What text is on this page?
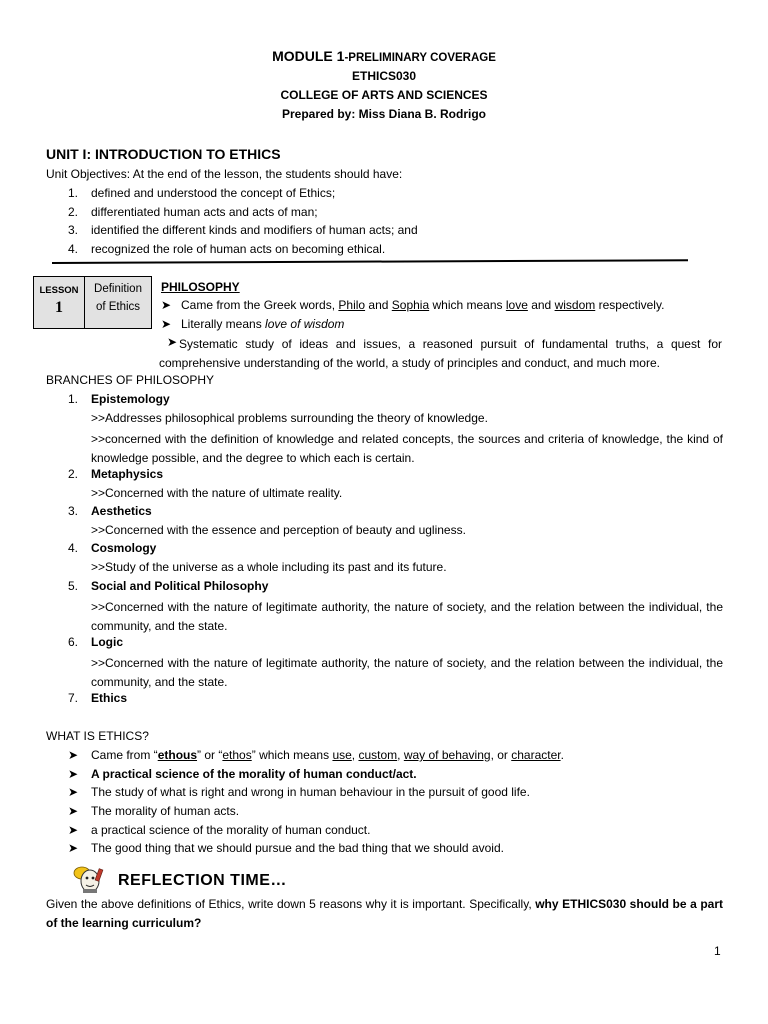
MODULE 1-PRELIMINARY COVERAGE
ETHICS030
COLLEGE OF ARTS AND SCIENCES
Prepared by: Miss Diana B. Rodrigo
UNIT I: INTRODUCTION TO ETHICS
Unit Objectives: At the end of the lesson, the students should have:
1. defined and understood the concept of Ethics;
2. differentiated human acts and acts of man;
3. identified the different kinds and modifiers of human acts; and
4. recognized the role of human acts on becoming ethical.
LESSON
1
Definition
of Ethics
PHILOSOPHY
➤ Came from the Greek words, Philo and Sophia which means love and wisdom respectively.
➤ Literally means love of wisdom
➤ Systematic study of ideas and issues, a reasoned pursuit of fundamental truths, a quest for comprehensive understanding of the world, a study of principles and conduct, and much more.
BRANCHES OF PHILOSOPHY
1. Epistemology
>>Addresses philosophical problems surrounding the theory of knowledge.
>>concerned with the definition of knowledge and related concepts, the sources and criteria of knowledge, the kind of knowledge possible, and the degree to which each is certain.
2. Metaphysics
>>Concerned with the nature of ultimate reality.
3. Aesthetics
>>Concerned with the essence and perception of beauty and ugliness.
4. Cosmology
>>Study of the universe as a whole including its past and its future.
5. Social and Political Philosophy
>>Concerned with the nature of legitimate authority, the nature of society, and the relation between the individual, the community, and the state.
6. Logic
>>Concerned with the nature of legitimate authority, the nature of society, and the relation between the individual, the community, and the state.
7. Ethics
WHAT IS ETHICS?
➤ Came from “ethous” or “ethos” which means use, custom, way of behaving, or character.
➤ A practical science of the morality of human conduct/act.
➤ The study of what is right and wrong in human behaviour in the pursuit of good life.
➤ The morality of human acts.
➤ a practical science of the morality of human conduct.
➤ The good thing that we should pursue and the bad thing that we should avoid.
REFLECTION TIME…
Given the above definitions of Ethics, write down 5 reasons why it is important. Specifically, why ETHICS030 should be a part of the learning curriculum?
1
